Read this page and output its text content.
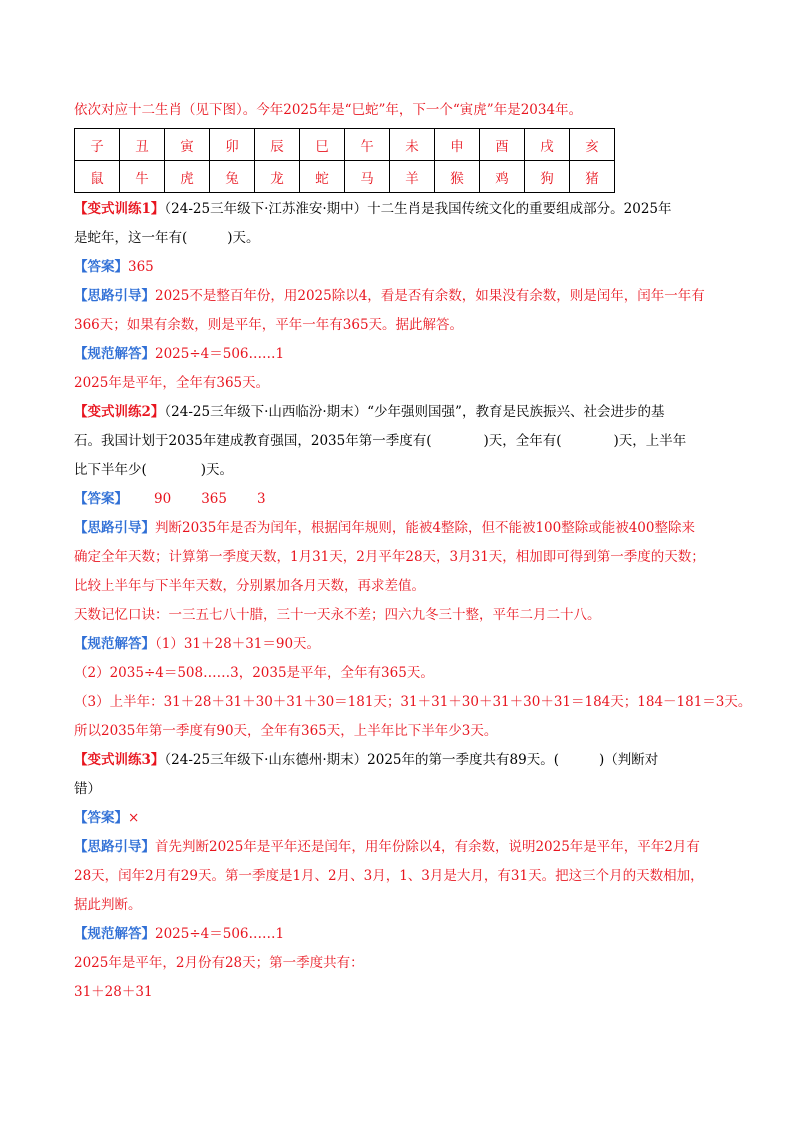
依次对应十二生肖（见下图）。今年2025年是“巳蛇”年，下一个“寅虎”年是2034年。
子	丑	寅	卯	辰	巳	午	未	申	酉	戌	亥
鼠	牛	虎	兔	龙	蛇	马	羊	猴	鸡	狗	猪
【变式训练1】（24-25三年级下·江苏淮安·期中）十二生肖是我国传统文化的重要组成部分。2025年
是蛇年，这一年有(	)天。
【答案】365
【思路引导】2025不是整百年份，用2025除以4，看是否有余数，如果没有余数，则是闰年，闰年一年有
366天；如果有余数，则是平年，平年一年有365天。据此解答。
【规范解答】2025÷4＝506……1
2025年是平年，全年有365天。
【变式训练2】（24-25三年级下·山西临汾·期末）“少年强则国强”，教育是民族振兴、社会进步的基
石。我国计划于2035年建成教育强国，2035年第一季度有(	)天，全年有(	)天，上半年
比下半年少(	)天。
【答案】 90 365 3
【思路引导】判断2035年是否为闰年，根据闰年规则，能被4整除，但不能被100整除或能被400整除来
确定全年天数；计算第一季度天数，1月31天，2月平年28天，3月31天，相加即可得到第一季度的天数；
比较上半年与下半年天数，分别累加各月天数，再求差值。
天数记忆口诀：一三五七八十腊，三十一天永不差；四六九冬三十整，平年二月二十八。
【规范解答】（1）31＋28＋31＝90天。
（2）2035÷4＝508……3，2035是平年，全年有365天。
（3）上半年：31＋28＋31＋30＋31＋30＝181天；31＋31＋30＋31＋30＋31＝184天；184－181＝3天。
所以2035年第一季度有90天，全年有365天，上半年比下半年少3天。
【变式训练3】（24-25三年级下·山东德州·期末）2025年的第一季度共有89天。(	)（判断对
错）
【答案】×
【思路引导】首先判断2025年是平年还是闰年，用年份除以4，有余数，说明2025年是平年，平年2月有
28天，闰年2月有29天。第一季度是1月、2月、3月，1、3月是大月，有31天。把这三个月的天数相加，
据此判断。
【规范解答】2025÷4＝506……1
2025年是平年，2月份有28天；第一季度共有：
31＋28＋31
